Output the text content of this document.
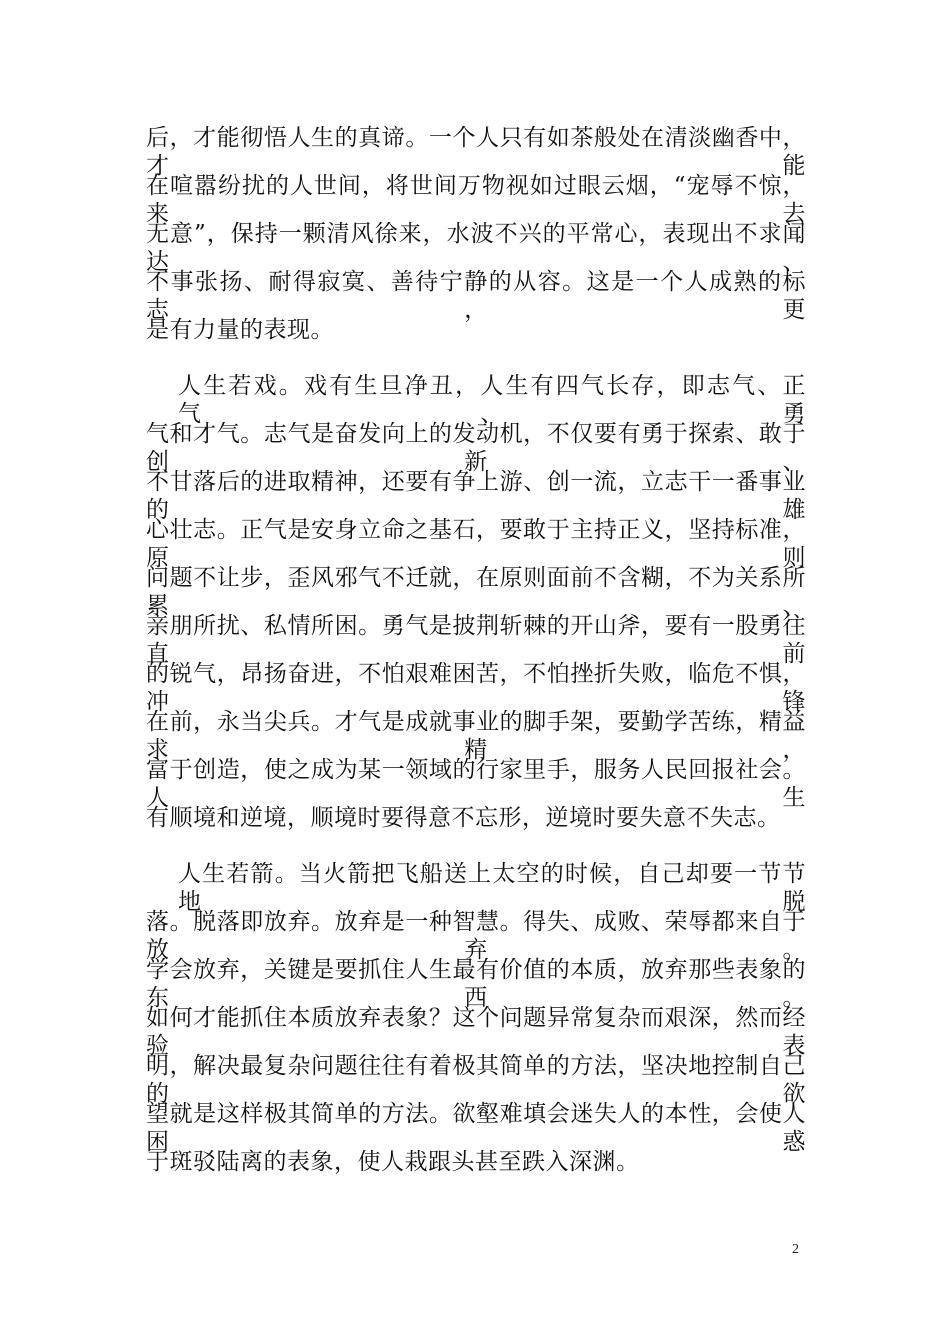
后，才能彻悟人生的真谛。一个人只有如茶般处在清淡幽香中，才能
在喧嚣纷扰的人世间，将世间万物视如过眼云烟，“宠辱不惊，来去
无意”，保持一颗清风徐来，水波不兴的平常心，表现出不求闻达、
不事张扬、耐得寂寞、善待宁静的从容。这是一个人成熟的标志，更
是有力量的表现。
人生若戏。戏有生旦净丑，人生有四气长存，即志气、正气、勇
气和才气。志气是奋发向上的发动机，不仅要有勇于探索、敢于创新、
不甘落后的进取精神，还要有争上游、创一流，立志干一番事业的雄
心壮志。正气是安身立命之基石，要敢于主持正义，坚持标准，原则
问题不让步，歪风邪气不迁就，在原则面前不含糊，不为关系所累、
亲朋所扰、私情所困。勇气是披荆斩棘的开山斧，要有一股勇往直前
的锐气，昂扬奋进，不怕艰难困苦，不怕挫折失败，临危不惧，冲锋
在前，永当尖兵。才气是成就事业的脚手架，要勤学苦练，精益求精，
富于创造，使之成为某一领域的行家里手，服务人民回报社会。人生
有顺境和逆境，顺境时要得意不忘形，逆境时要失意不失志。
人生若箭。当火箭把飞船送上太空的时候，自己却要一节节地脱
落。脱落即放弃。放弃是一种智慧。得失、成败、荣辱都来自于放弃。
学会放弃，关键是要抓住人生最有价值的本质，放弃那些表象的东西。
如何才能抓住本质放弃表象？这个问题异常复杂而艰深，然而经验表
明，解决最复杂问题往往有着极其简单的方法，坚决地控制自己的欲
望就是这样极其简单的方法。欲壑难填会迷失人的本性，会使人困惑
于斑驳陆离的表象，使人栽跟头甚至跌入深渊。
2
